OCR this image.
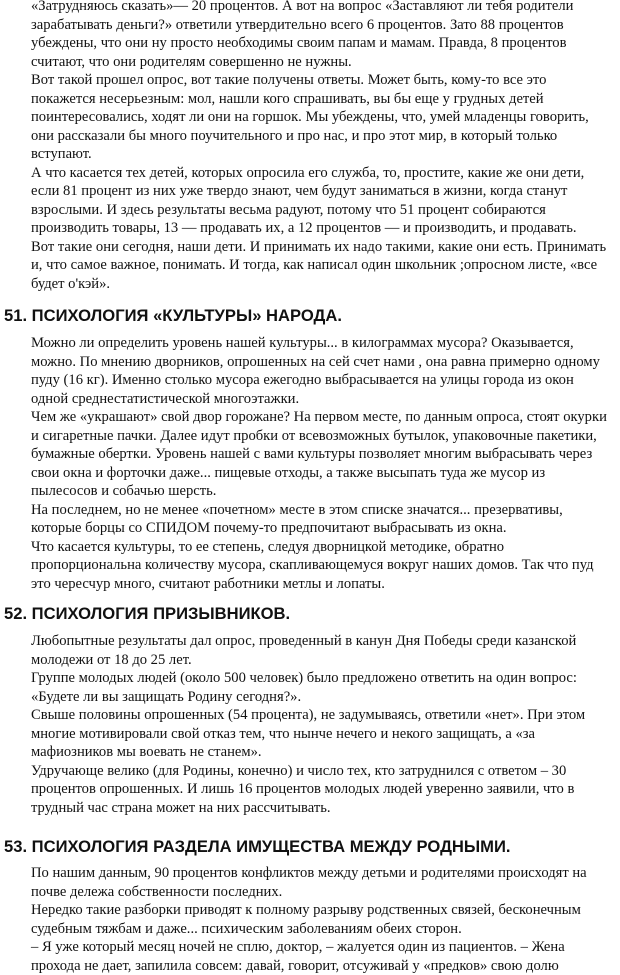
«Затрудняюсь сказать»— 20 процентов. А вот на вопрос «Заставляют ли тебя родители
зарабатывать деньги?» ответили утвердительно всего 6 процентов. Зато 88 процентов
убеждены, что они ну просто необходимы своим папам и мамам. Правда, 8 процентов
считают, что они родителям совершенно не нужны.
Вот такой прошел опрос, вот такие получены ответы. Может быть, кому-то все это
покажется несерьезным: мол, нашли кого спрашивать, вы бы еще у грудных детей
поинтересовались, ходят ли они на горшок. Мы убеждены, что, умей младенцы говорить,
они рассказали бы много поучительного и про нас, и про этот мир, в который только
вступают.
А что касается тех детей, которых опросила его служба, то, простите, какие же они дети,
если 81 процент из них уже твердо знают, чем будут заниматься в жизни, когда станут
взрослыми. И здесь результаты весьма радуют, потому что 51 процент собираются
производить товары, 13 — продавать их, а 12 процентов — и производить, и продавать.
Вот такие они сегодня, наши дети. И принимать их надо такими, какие они есть. Принимать
и, что самое важное, понимать. И тогда, как написал один школьник ;опросном листе, «все
будет о'кэй».
51. ПСИХОЛОГИЯ «КУЛЬТУРЫ» НАРОДА.
Можно ли определить уровень нашей культуры... в килограммах мусора? Оказывается,
можно. По мнению дворников, опрошенных на сей счет нами , она равна примерно одному
пуду (16 кг). Именно столько мусора ежегодно выбрасывается на улицы города из окон
одной среднестатистической многоэтажки.
Чем же «украшают» свой двор горожане? На первом месте, по данным опроса, стоят окурки
и сигаретные пачки. Далее идут пробки от всевозможных бутылок, упаковочные пакетики,
бумажные обертки. Уровень нашей с вами культуры позволяет многим выбрасывать через
свои окна и форточки даже... пищевые отходы, а также высыпать туда же мусор из
пылесосов и собачью шерсть.
На последнем, но не менее «почетном» месте в этом списке значатся... презервативы,
которые борцы со СПИДОМ почему-то предпочитают выбрасывать из окна.
Что касается культуры, то ее степень, следуя дворницкой методике, обратно
пропорциональна количеству мусора, скапливающемуся вокруг наших домов. Так что пуд
это чересчур много, считают работники метлы и лопаты.
52. ПСИХОЛОГИЯ ПРИЗЫВНИКОВ.
Любопытные результаты дал опрос, проведенный в канун Дня Победы среди казанской
молодежи от 18 до 25 лет.
Группе молодых людей (около 500 человек) было предложено ответить на один вопрос:
«Будете ли вы защищать Родину сегодня?».
Свыше половины опрошенных (54 процента), не задумываясь, ответили «нет». При этом
многие мотивировали свой отказ тем, что нынче нечего и некого защищать, а «за
мафиозников мы воевать не станем».
Удручающе велико (для Родины, конечно) и число тех, кто затруднился с ответом – 30
процентов опрошенных. И лишь 16 процентов молодых людей уверенно заявили, что в
трудный час страна может на них рассчитывать.
53. ПСИХОЛОГИЯ РАЗДЕЛА ИМУЩЕСТВА МЕЖДУ РОДНЫМИ.
По нашим данным, 90 процентов конфликтов между детьми и родителями происходят на
почве дележа собственности последних.
Нередко такие разборки приводят к полному разрыву родственных связей, бесконечным
судебным тяжбам и даже... психическим заболеваниям обеих сторон.
– Я уже который месяц ночей не сплю, доктор, – жалуется один из пациентов. – Жена
прохода не дает, запилила совсем: давай, говорит, отсуживай у «предков» свою долю
